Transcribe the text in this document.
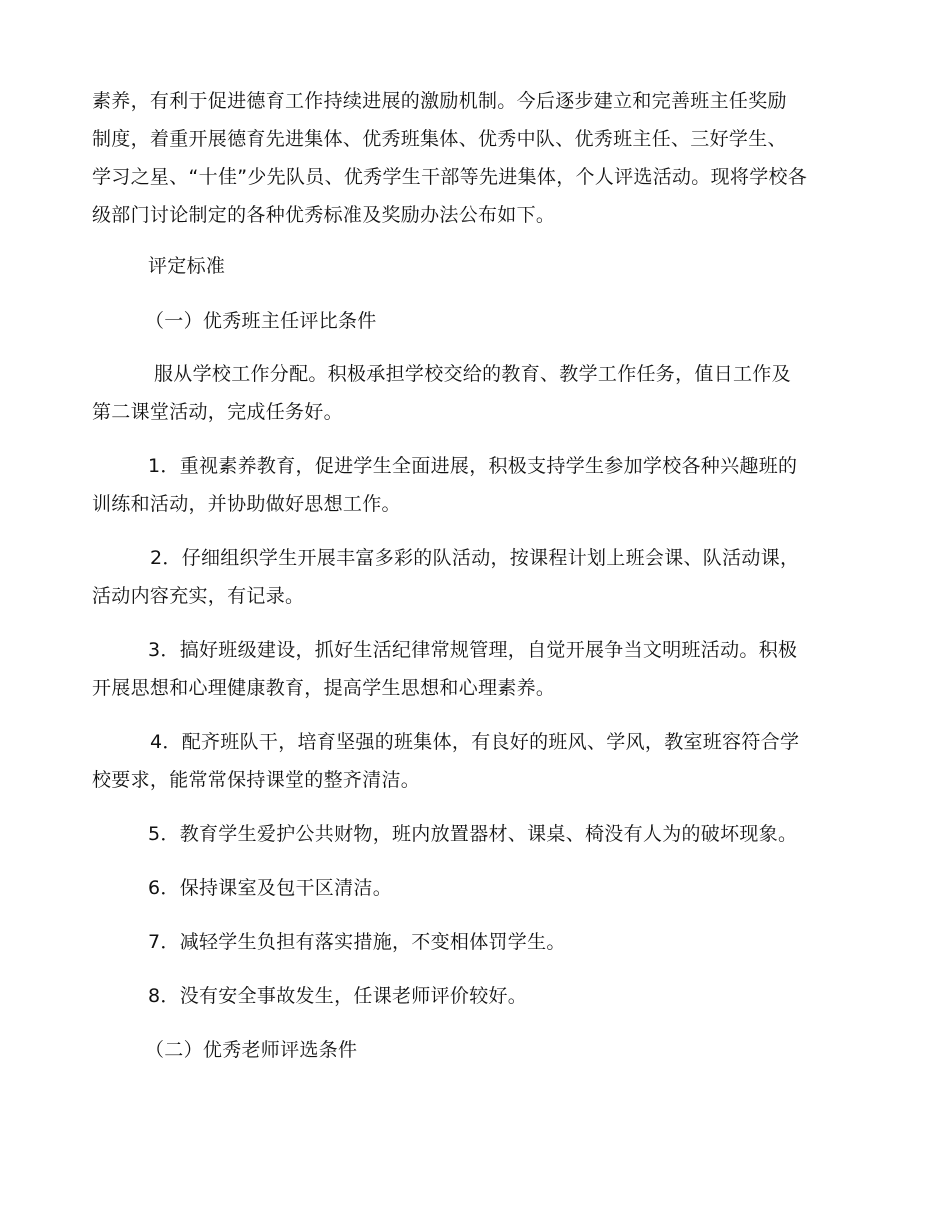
素养，有利于促进德育工作持续进展的激励机制。今后逐步建立和完善班主任奖励
制度，着重开展德育先进集体、优秀班集体、优秀中队、优秀班主任、三好学生、
学习之星、“十佳”少先队员、优秀学生干部等先进集体，个人评选活动。现将学校各
级部门讨论制定的各种优秀标准及奖励办法公布如下。

评定标准

（一）优秀班主任评比条件

服从学校工作分配。积极承担学校交给的教育、教学工作任务，值日工作及
第二课堂活动，完成任务好。

1．重视素养教育，促进学生全面进展，积极支持学生参加学校各种兴趣班的
训练和活动，并协助做好思想工作。

2．仔细组织学生开展丰富多彩的队活动，按课程计划上班会课、队活动课，
活动内容充实，有记录。

3．搞好班级建设，抓好生活纪律常规管理，自觉开展争当文明班活动。积极
开展思想和心理健康教育，提高学生思想和心理素养。

4．配齐班队干，培育坚强的班集体，有良好的班风、学风，教室班容符合学
校要求，能常常保持课堂的整齐清洁。

5．教育学生爱护公共财物，班内放置器材、课桌、椅没有人为的破坏现象。

6．保持课室及包干区清洁。

7．减轻学生负担有落实措施，不变相体罚学生。

8．没有安全事故发生，任课老师评价较好。

（二）优秀老师评选条件
